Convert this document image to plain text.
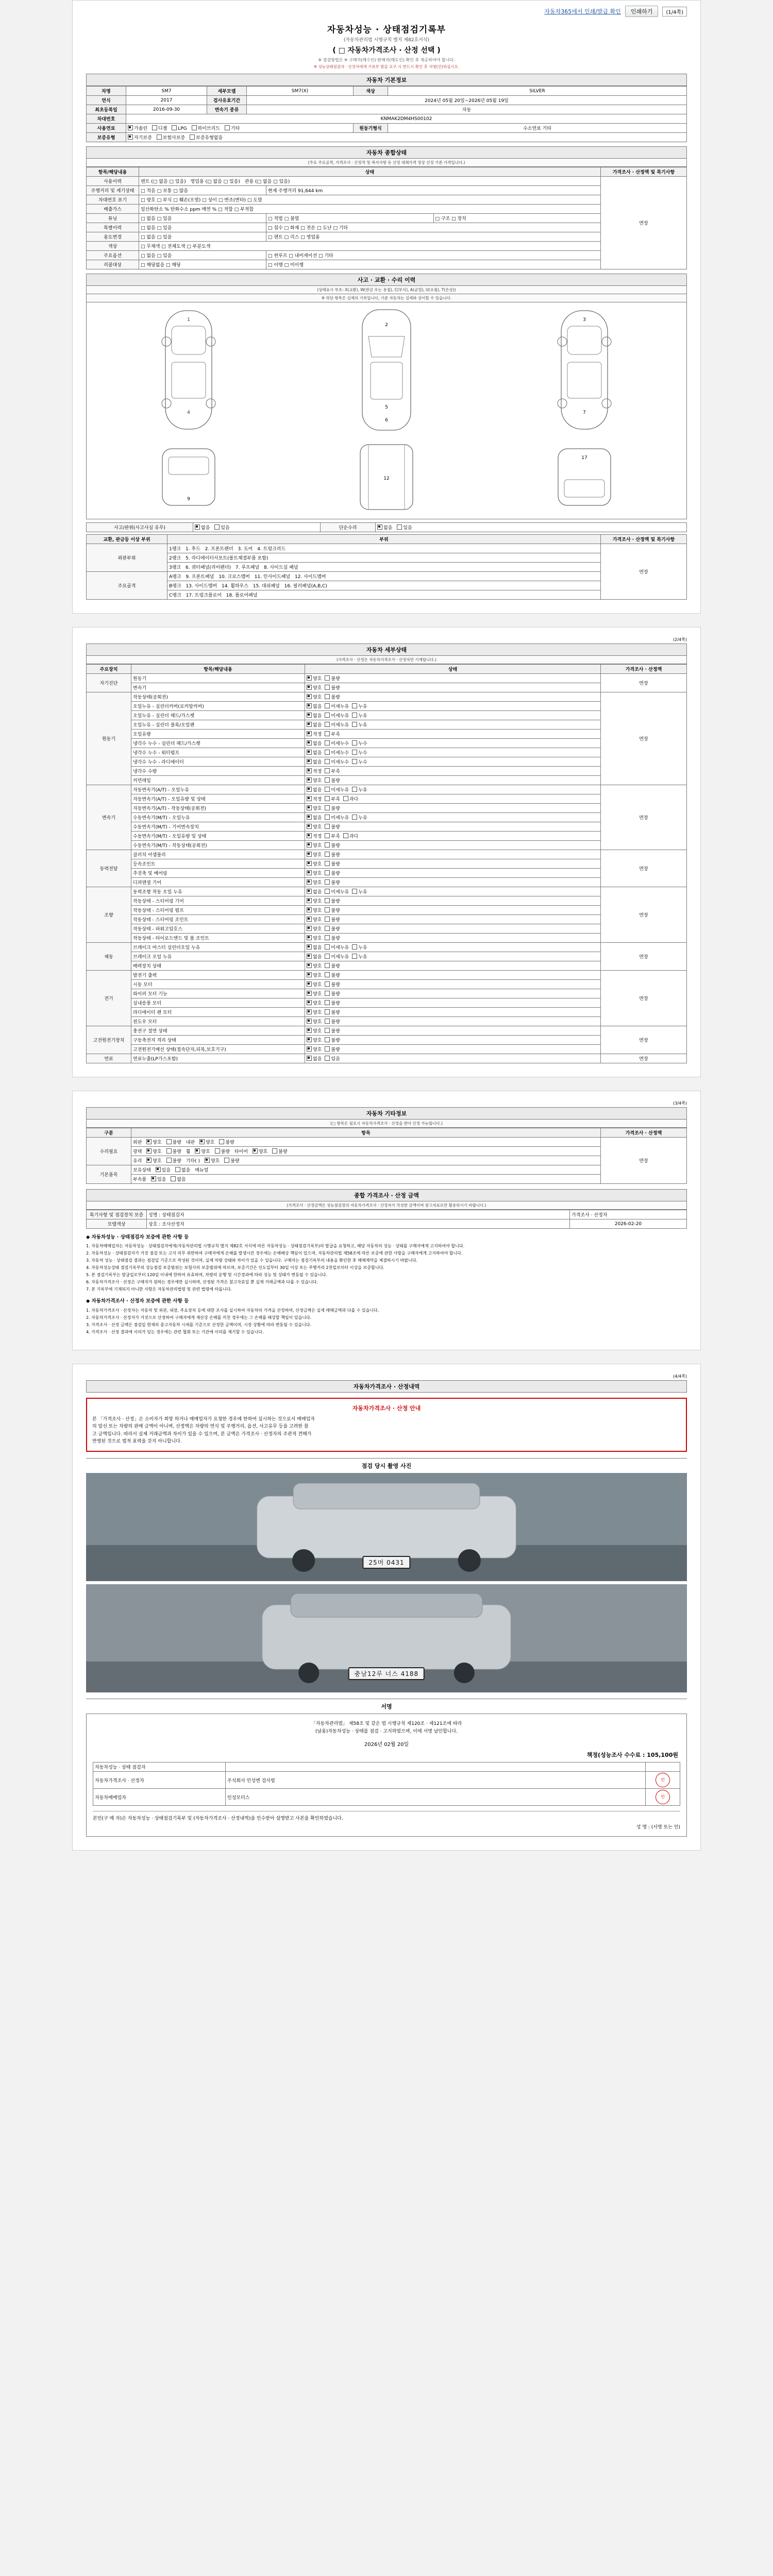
자동차365에서 인쇄/발급 확인	인쇄하기	(1/4쪽)
자동차성능 · 상태점검기록부
(자동차관리법 시행규칙 별지 제82호서식)
( □ 자동차가격조사 · 산정 선택 )
※ 점검방법은 ※ 구매자(매수인)·판매자(매도인) 확인 후 제공하여야 합니다.
※ 성능상태점검자 · 산정자에게 기록부 발급 요구 시 반드시 확인 후 서명(인)하십시오.
자동차 기본정보
차명	SM7	세부모델	SM7(X)	색상	SILVER
연식	2017	검사유효기간	2024년 05월 20일~2026년 05월 19일		
최초등록일	2016-09-30	변속기 종류	자동		
차대번호	KNMAK2DM4HS00102				
사용연료	가솔린 디젤 LPG 하이브리드 기타			원동기형식	수소연료 기타
보증유형	자기보증 보험사보증 보증유형없음				
자동차 종합상태
(주요 주요골격, 가격조사 · 산정적 및 복지사항 등 산정 대체가격 정상 산정 기준 가격입니다.)
항목/해당내용	상태			가격조사 · 산정액 및 특기사항
사용이력	렌트 (□ 없음 □ 있음) 영업용 (□ 없음 □ 있음) 관용 (□ 없음 □ 있음)			면장
주행거리 및 계기상태	□ 적음 □ 보통 □ 많음	현재 주행거리 91,644 km		
차대번호 표기	□ 양호 □ 부식 □ 훼손(오염) □ 상이 □ 변조(변타) □ 도말			
배출가스	일산화탄소 % 탄화수소 ppm 매연 % □ 적합 □ 부적합			
튜닝	□ 없음 □ 있음	□ 적법 □ 불법	□ 구조 □ 장치	
특별이력	□ 없음 □ 있음	□ 침수 □ 화재 □ 전손 □ 도난 □ 기타		
용도변경	□ 없음 □ 있음	□ 렌트 □ 리스 □ 영업용		
색상	□ 무채색 □ 전체도색 □ 부분도색			
주요옵션	□ 없음 □ 있음	□ 썬루프 □ 내비게이션 □ 기타		
리콜대상	□ 해당없음 □ 해당	□ 이행 □ 미이행		
사고 · 교환 · 수리 이력
(상태표시 부호: X(교환), W(판금 또는 용접), C(부식), A(균열), U(요철), T(손상))
※ 하단 항목은 실제의 기록입니다, 기준 자동차는 실제와 상이할 수 있습니다.
1
4
2
5
6
3
7
9
12
17
사고/판위(사고사실 유무)	없음 있음	단순수리	없음 있음
교환, 판금등 이상 부위	부위	가격조사 · 산정액 및 특기사항
외판부위	1랭크 1. 후드 2. 프론트펜더 3. 도어 4. 트렁크리드	면장
	2랭크 5. 라디에이터서포트(볼트체결부품 포함)	
	3랭크 6. 쿼터패널(리어펜더) 7. 루프패널 8. 사이드실 패널	
주요골격	A랭크 9. 프론트패널 10. 크로스멤버 11. 인사이드패널 12. 사이드멤버	
	B랭크 13. 사이드멤버 14. 휠하우스 15. 대쉬패널 16. 필러패널(A,B,C)	
	C랭크 17. 트렁크플로어 18. 플로어패널	
(2/4쪽)
자동차 세부상태
(가격조사 · 산정은 자동차가격조사 · 산정자만 기재합니다.)
주요장치	항목/해당내용	상태	가격조사 · 산정액
자기진단	원동기	양호 불량	면장
	변속기	양호 불량	
원동기	작동상태(공회전)	양호 불량	면장
	오일누유 - 실린더커버(로커암커버)	없음 미세누유 누유	
	오일누유 - 실린더 헤드/가스켓	없음 미세누유 누유	
	오일누유 - 실린더 블록/오일팬	없음 미세누유 누유	
	오일유량	적정 부족	
	냉각수 누수 - 실린더 헤드/가스켓	없음 미세누수 누수	
	냉각수 누수 - 워터펌프	없음 미세누수 누수	
	냉각수 누수 - 라디에이터	없음 미세누수 누수	
	냉각수 수량	적정 부족	
	커먼레일	양호 불량	
변속기	자동변속기(A/T) - 오일누유	없음 미세누유 누유	면장
	자동변속기(A/T) - 오일유량 및 상태	적정 부족 과다	
	자동변속기(A/T) - 작동상태(공회전)	양호 불량	
	수동변속기(M/T) - 오일누유	없음 미세누유 누유	
	수동변속기(M/T) - 기어변속장치	양호 불량	
	수동변속기(M/T) - 오일유량 및 상태	적정 부족 과다	
	수동변속기(M/T) - 작동상태(공회전)	양호 불량	
동력전달	클러치 어셈블리	양호 불량	면장
	등속조인트	양호 불량	
	추진축 및 베어링	양호 불량	
	디퍼렌셜 기어	양호 불량	
조향	동력조향 작동 오일 누유	없음 미세누유 누유	면장
	작동상태 - 스티어링 기어	양호 불량	
	작동상태 - 스티어링 펌프	양호 불량	
	작동상태 - 스티어링 조인트	양호 불량	
	작동상태 - 파워고압호스	양호 불량	
	작동상태 - 타이로드엔드 및 볼 조인트	양호 불량	
제동	브레이크 마스터 실린더오일 누유	없음 미세누유 누유	면장
	브레이크 오일 누유	없음 미세누유 누유	
	배력장치 상태	양호 불량	
전기	발전기 출력	양호 불량	면장
	시동 모터	양호 불량	
	와이퍼 모터 기능	양호 불량	
	실내송풍 모터	양호 불량	
	라디에이터 팬 모터	양호 불량	
	윈도우 모터	양호 불량	
고전원전기장치	충전구 절연 상태	양호 불량	면장
	구동축전지 격리 상태	양호 불량	
	고전원전기배선 상태(접속단자,피복,보호기구)	양호 불량	
연료	연료누출(LP가스포함)	없음 있음	면장
(3/4쪽)
자동차 기타정보
(□ 항목은 필요시 자동차가격조사 · 산정을 받아 산정 가능합니다.)
구분	항목	가격조사 · 산정액
수리필요	외판 양호 불량 내판 양호 불량	면장
	광택 양호 불량 휠 양호 불량 타이어 양호 불량	
	유리 양호 불량 기타( ) 양호 불량	
기본품목	보유상태 있음 없음 메뉴얼	
	부속품 있음 없음	
종합 가격조사 · 산정 금액
(가격조사 · 산정금액은 성능점검장의 자동차가격조사 · 산정자가 작성한 금액이며 참고자료로만 활용하시기 바랍니다.)
특기사항 및 점검장치 보증	성명 : 상태점검자	가격조사 · 산정자
모텔색상	상호 : 조사산정자	2026-02-20
◆ 자동차성능 · 상태점검자 보증에 관한 사항 등

1. 자동차매매업자는 자동차성능 · 상태점검자에게(자동차관리법 시행규칙 별지 제82호 서식에 따른 자동차성능 · 상태점검기록부)의 발급을 요청하고, 해당 자동차의 성능 · 상태를 구매자에게 고지하여야 합니다.

2. 자동차성능 · 상태점검자가 거짓 점검 또는 고지 의무 위반하여 구매자에게 손해를 발생시킨 경우에는 손해배상 책임이 있으며, 자동차관리법 제58조에 따른 보증에 관한 사항을 구매자에게 고지하여야 합니다.

3. 자동차 성능 · 상태점검 결과는 점검일 기준으로 작성된 것이며, 실제 차량 상태와 차이가 있을 수 있습니다. 구매자는 점검기록부의 내용을 확인한 후 매매계약을 체결하시기 바랍니다.

4. 자동차성능상태 점검기록부의 성능점검 보증범위는 보험사의 보증범위에 따르며, 보증기간은 인도일부터 30일 이상 또는 주행거리 2천킬로미터 이상을 보증합니다.

5. 본 점검기록부는 발급일로부터 120일 이내에 한하여 유효하며, 차량의 운행 및 시간경과에 따라 성능 및 상태가 변동될 수 있습니다.

6. 자동차가격조사 · 산정은 구매자가 원하는 경우에만 실시하며, 산정된 가격은 참고자료일 뿐 실제 거래금액과 다를 수 있습니다.

7. 본 기록부에 기재되지 아니한 사항은 자동차관리법령 및 관련 법령에 따릅니다.

◆ 자동차가격조사 · 산정자 보증에 관한 사항 등

1. 자동차가격조사 · 산정자는 자동차 및 외관, 내장, 주요장치 등에 대한 조사를 실시하여 자동차의 가격을 산정하며, 산정금액은 실제 매매금액과 다를 수 있습니다.

2. 자동차가격조사 · 산정자가 거짓으로 산정하여 구매자에게 재산상 손해를 끼친 경우에는 그 손해를 배상할 책임이 있습니다.

3. 가격조사 · 산정 금액은 점검일 현재의 중고자동차 시세를 기준으로 산정한 금액이며, 시장 상황에 따라 변동될 수 있습니다.

4. 가격조사 · 산정 결과에 이의가 있는 경우에는 관련 협회 또는 기관에 이의를 제기할 수 있습니다.

(4/4쪽)
자동차가격조사 · 산정내역
자동차가격조사 · 산정 안내
본 「가격조사 · 산정」은 소비자가 희망 하거나 매매업자가 요청한 경우에 한하여 실시하는 것으로서 매매업자
의 알선 또는 차량의 판매 금액이 아니며, 산정액은 차량의 연식 및 주행거리, 옵션, 사고유무 등을 고려한 참
고 금액입니다. 따라서 실제 거래금액과 차이가 있을 수 있으며, 본 금액은 가격조사 · 산정자의 주관적 견해가
반영된 것으로 법적 효력을 갖지 아니합니다.
점검 당시 촬영 사진
25머 0431
충남12루 너스 4188
서명
「자동차관리법」 제58조 및 같은 법 시행규칙 제120조 · 제121조에 따라
(남용)자동차성능 · 상태를 점검 · 고지하였으며, 이에 서명 날인합니다.
2026년 02월 20일
책정(성능조사 수수료 : 105,100원
자동차성능 · 상태 점검자		
자동차가격조사 · 산정자	주식회사 인성엔 검사법	인
자동차매매업자	인성모터스	인
본인(구 매 자)은 자동차성능 · 상태점검기록부 및 (자동차가격조사 · 산정내역)을 인수받아 설명받고 사본을 확인하였습니다.
성 명 : (서명 또는 인)
